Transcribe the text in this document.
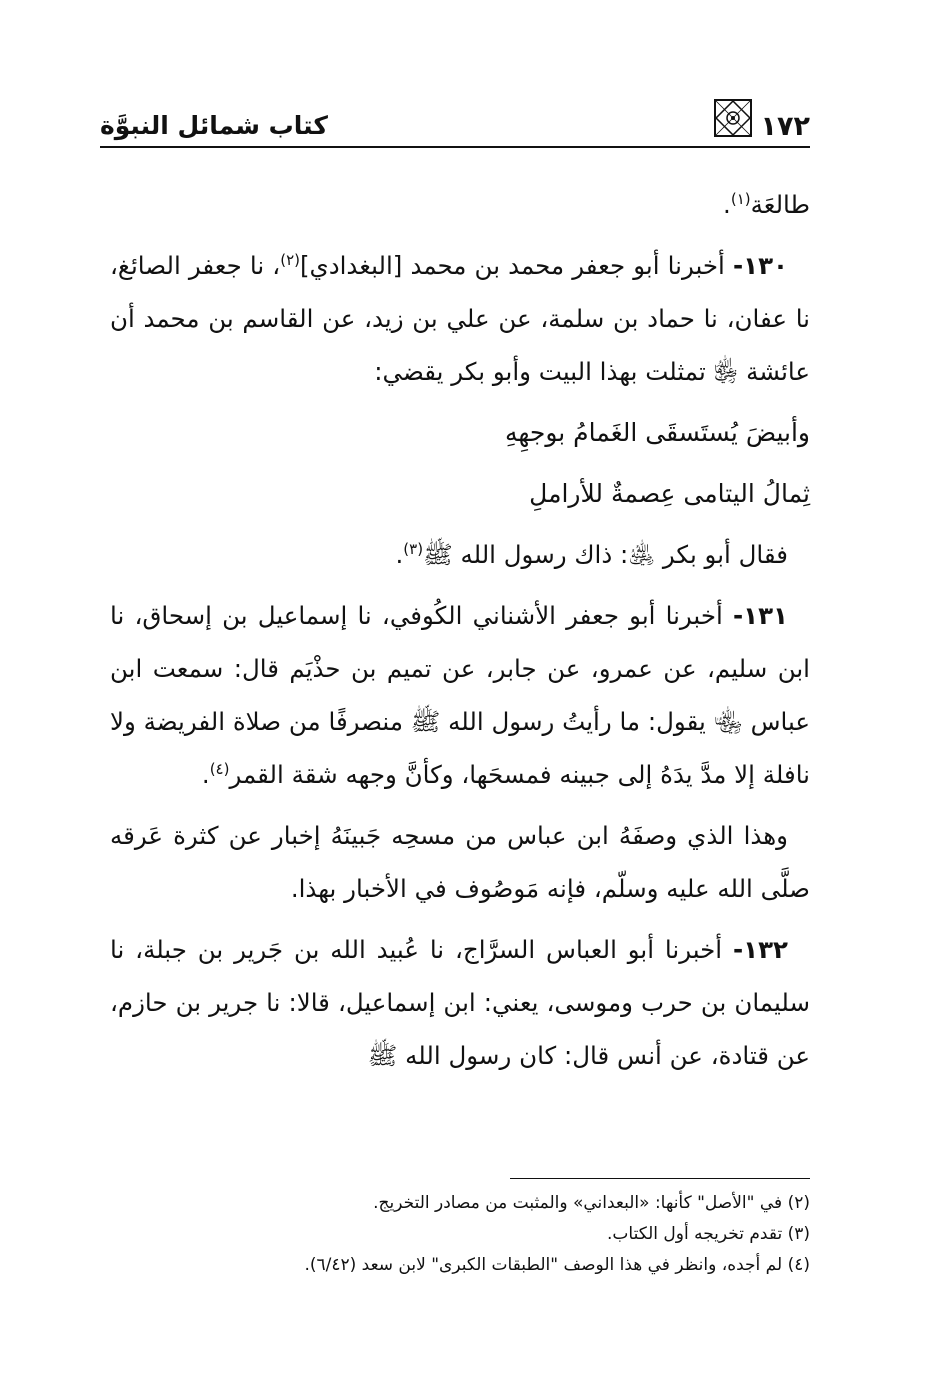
١٧٢
كتاب شمائل النبوَّة

طالعَة$^{(١)}$.

١٣٠- أخبرنا أبو جعفر محمد بن محمد [البغدادي]$^{(٢)}$، نا جعفر الصائغ، نا عفان، نا حماد بن سلمة، عن علي بن زيد، عن القاسم بن محمد أن عائشة ﵂ تمثلت بهذا البيت وأبو بكر يقضي:

وأبيضَ يُستَسقَى الغَمامُ بوجهِهِ

ثِمالُ اليتامى عِصمةٌ للأراملِ

فقال أبو بكر ﵁: ذاك رسول الله ﷺ$^{(٣)}$.

١٣١- أخبرنا أبو جعفر الأشناني الكُوفي، نا إسماعيل بن إسحاق، نا ابن سليم، عن عمرو، عن جابر، عن تميم بن حذْيَم قال: سمعت ابن عباس ﵄ يقول: ما رأيتُ رسول الله ﷺ منصرفًا من صلاة الفريضة ولا نافلة إلا مدَّ يدَهُ إلى جبينه فمسحَها، وكأنَّ وجهه شقة القمر$^{(٤)}$.

وهذا الذي وصفَهُ ابن عباس من مسحِه جَبينَهُ إخبار عن كثرة عَرقه صلَّى الله عليه وسلّم، فإنه مَوصُوف في الأخبار بهذا.

١٣٢- أخبرنا أبو العباس السرَّاج، نا عُبيد الله بن جَرير بن جبلة، نا سليمان بن حرب وموسى، يعني: ابن إسماعيل، قالا: نا جرير بن حازم، عن قتادة، عن أنس قال: كان رسول الله ﷺ

(٢) في "الأصل" كأنها: «البعداني» والمثبت من مصادر التخريج.
(٣) تقدم تخريجه أول الكتاب.
(٤) لم أجده، وانظر في هذا الوصف "الطبقات الكبرى" لابن سعد (٦/٤٢).
